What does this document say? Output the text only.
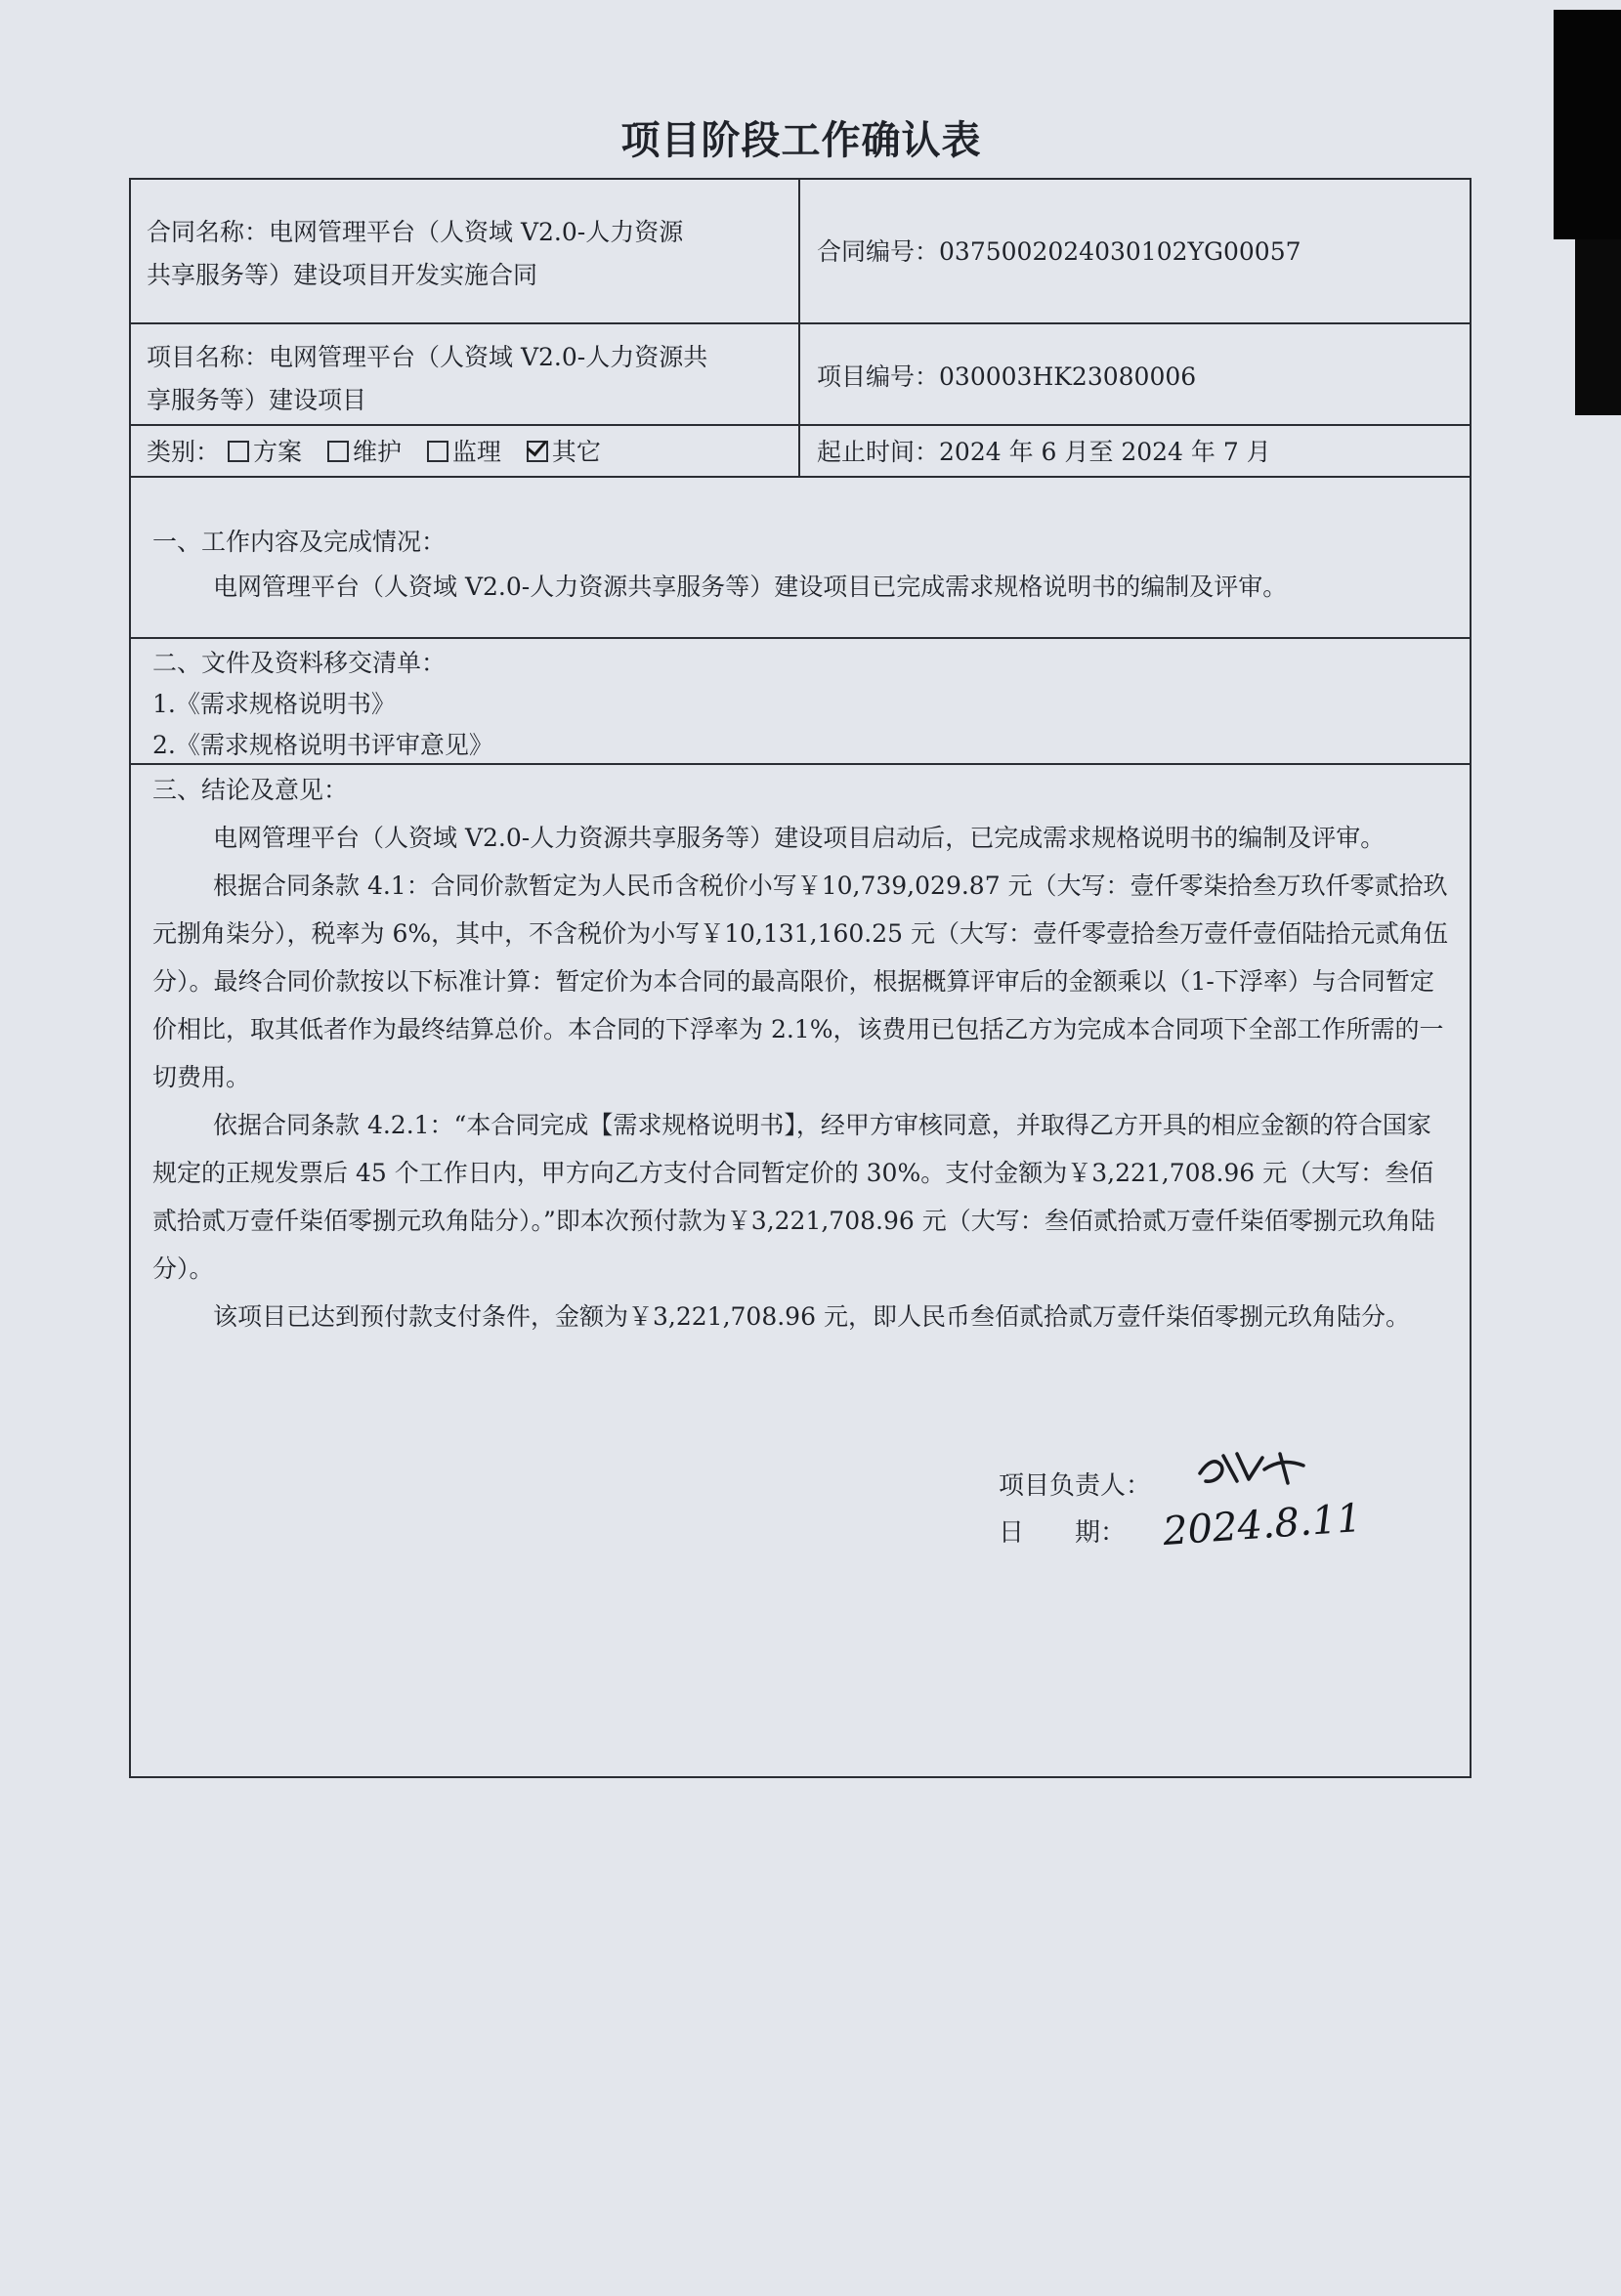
项目阶段工作确认表
合同名称：电网管理平台（人资域 V2.0-人力资源
共享服务等）建设项目开发实施合同
合同编号：0375002024030102YG00057
项目名称：电网管理平台（人资域 V2.0-人力资源共
享服务等）建设项目
项目编号：030003HK23080006
类别： 方案 维护 监理 其它	起止时间：2024 年 6 月至 2024 年 7 月
一、工作内容及完成情况：
电网管理平台（人资域 V2.0-人力资源共享服务等）建设项目已完成需求规格说明书的编制及评审。
二、文件及资料移交清单：
1.《需求规格说明书》
2.《需求规格说明书评审意见》
三、结论及意见：
电网管理平台（人资域 V2.0-人力资源共享服务等）建设项目启动后，已完成需求规格说明书的编制及评审。
根据合同条款 4.1：合同价款暂定为人民币含税价小写￥10,739,029.87 元（大写：壹仟零柒拾叁万玖仟零贰拾玖元捌角柒分），税率为 6%，其中，不含税价为小写￥10,131,160.25 元（大写：壹仟零壹拾叁万壹仟壹佰陆拾元贰角伍分）。最终合同价款按以下标准计算：暂定价为本合同的最高限价，根据概算评审后的金额乘以（1-下浮率）与合同暂定价相比，取其低者作为最终结算总价。本合同的下浮率为 2.1%，该费用已包括乙方为完成本合同项下全部工作所需的一切费用。
依据合同条款 4.2.1：“本合同完成【需求规格说明书】，经甲方审核同意，并取得乙方开具的相应金额的符合国家规定的正规发票后 45 个工作日内，甲方向乙方支付合同暂定价的 30%。支付金额为￥3,221,708.96 元（大写：叁佰贰拾贰万壹仟柒佰零捌元玖角陆分）。”即本次预付款为￥3,221,708.96 元（大写：叁佰贰拾贰万壹仟柒佰零捌元玖角陆分）。
该项目已达到预付款支付条件，金额为￥3,221,708.96 元，即人民币叁佰贰拾贰万壹仟柒佰零捌元玖角陆分。
项目负责人：
日　　期： 2024.8.11
